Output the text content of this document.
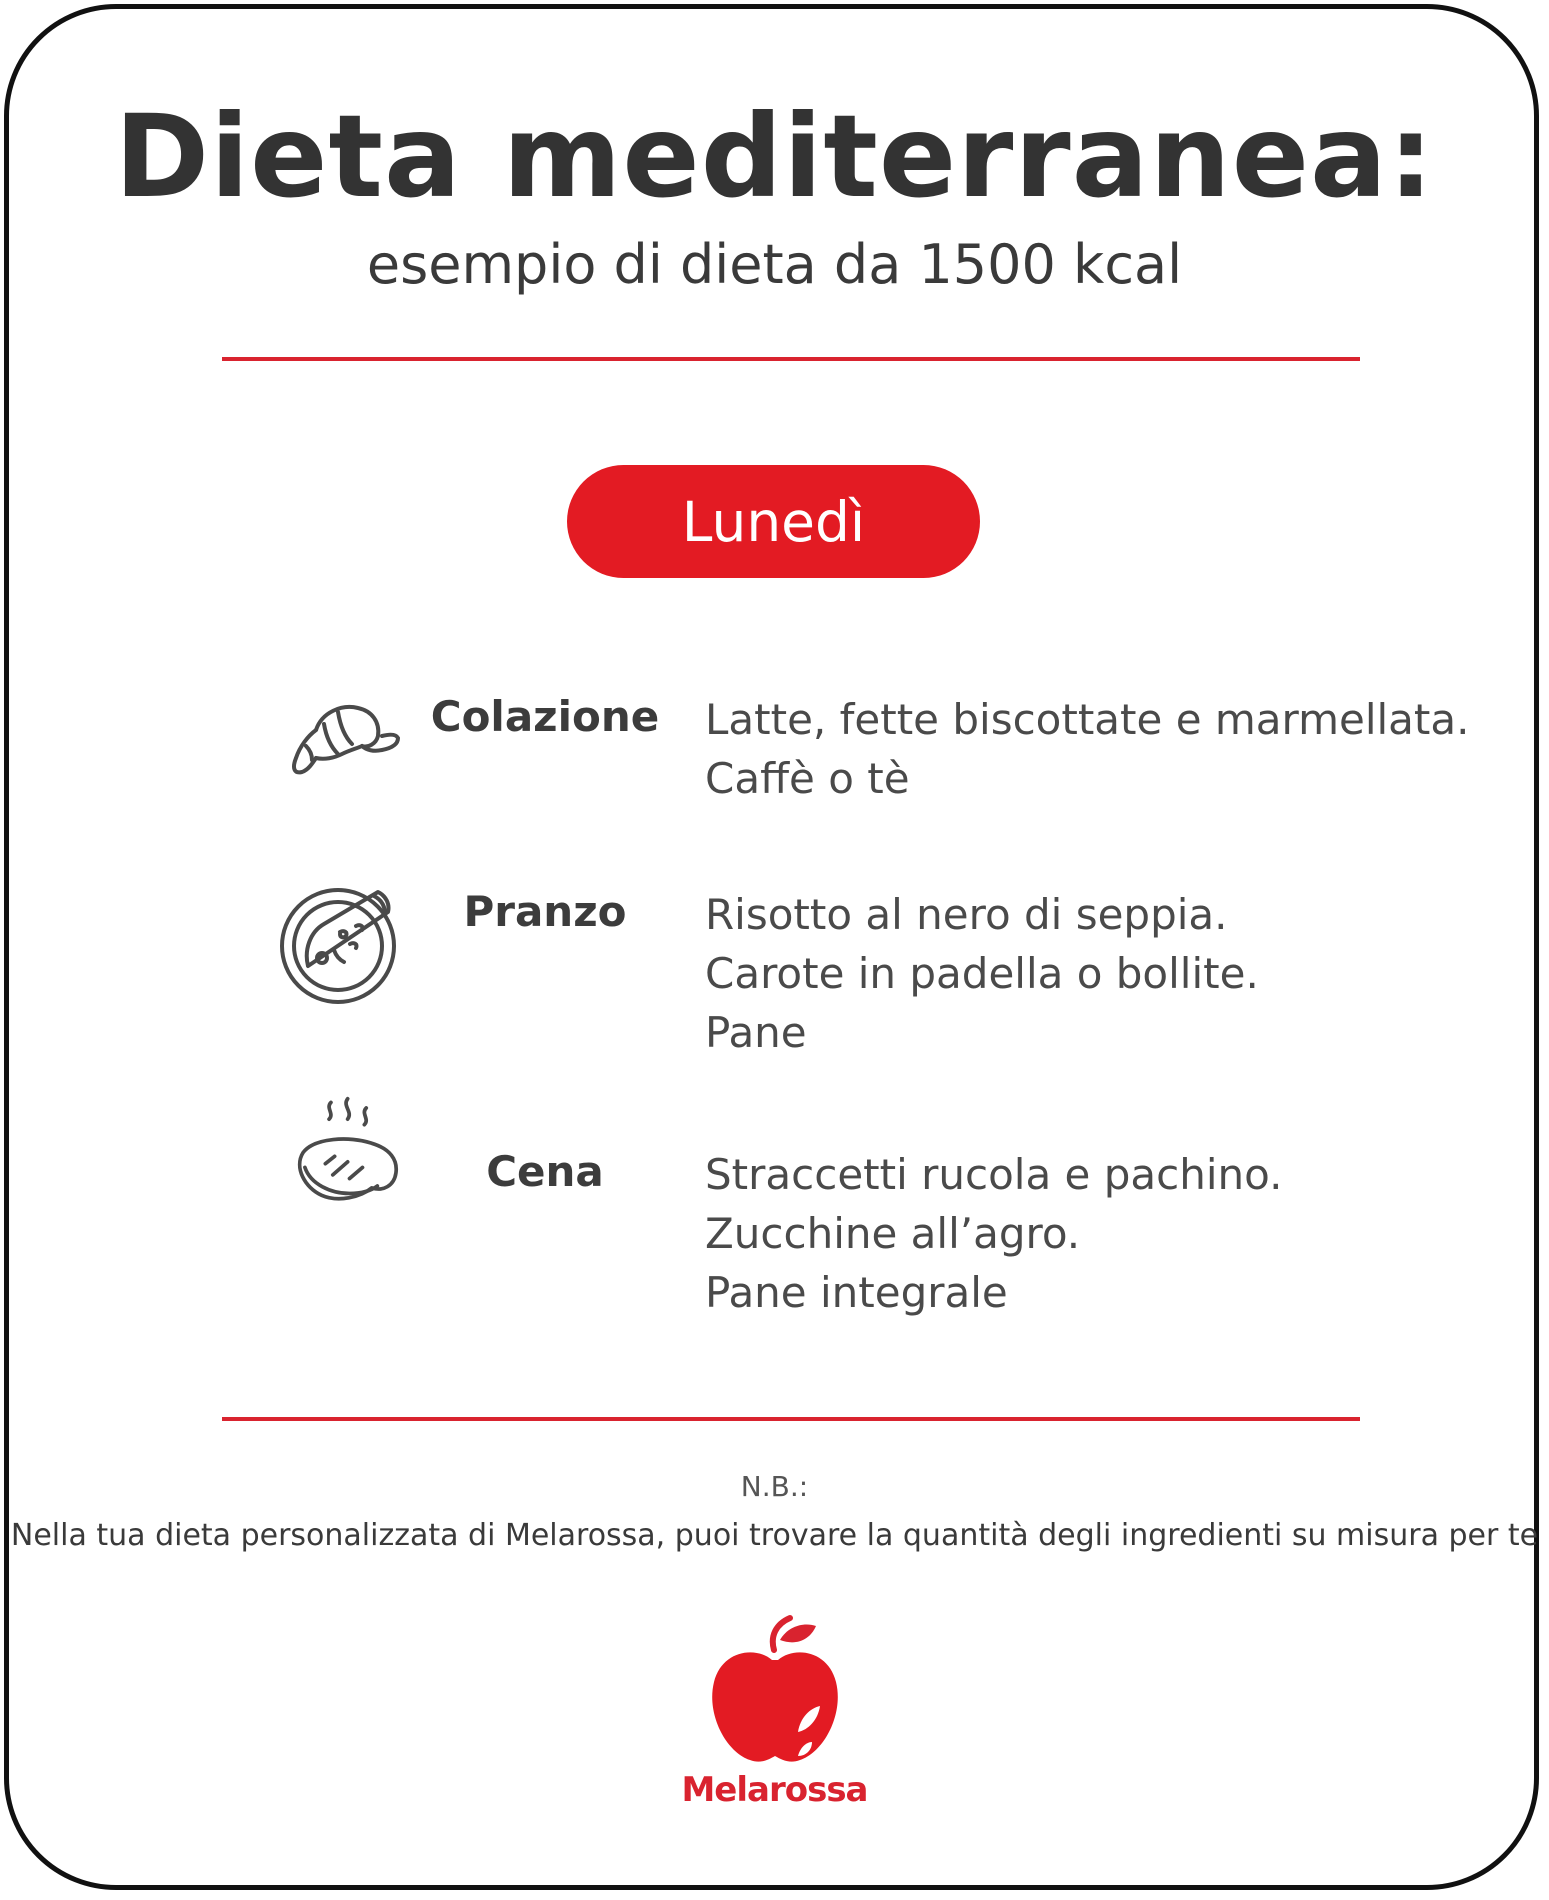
Dieta mediterranea:
esempio di dieta da 1500 kcal
Lunedì
Colazione Latte, fette biscottate e marmellata.
Caffè o tè
Pranzo	Risotto al nero di seppia.
Carote in padella o bollite.
Pane
Cena	Straccetti rucola e pachino.
Zucchine all’agro.
Pane integrale
N.B.:
Nella tua dieta personalizzata di Melarossa, puoi trovare la quantità degli ingredienti su misura per te
Melarossa
